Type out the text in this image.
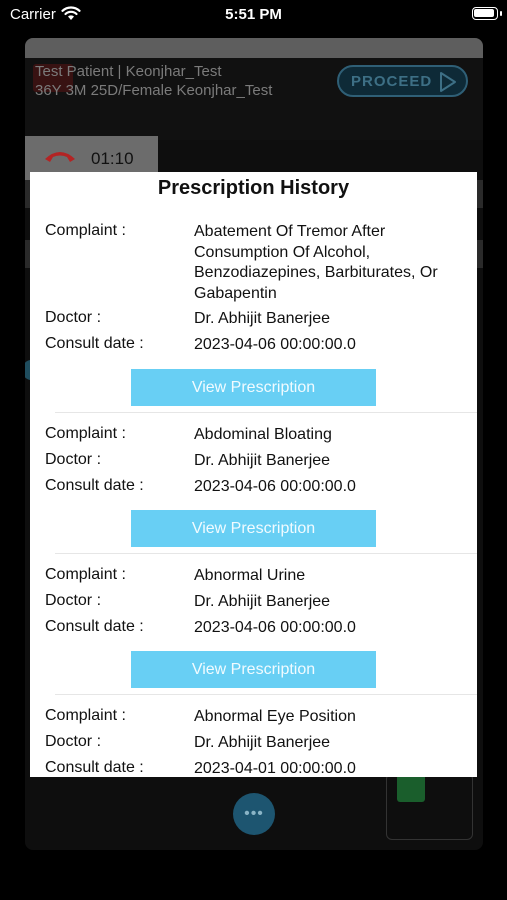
Carrier	5:51 PM
Test Patient | Keonjhar_Test
36Y 3M 25D/Female Keonjhar_Test
PROCEED
01:10
•••
Prescription History
Complaint :	Abatement Of Tremor After Consumption Of Alcohol, Benzodiazepines, Barbiturates, Or Gabapentin
Doctor :	Dr. Abhijit Banerjee
Consult date :	2023-04-06 00:00:00.0
View Prescription
Complaint :	Abdominal Bloating
Doctor :	Dr. Abhijit Banerjee
Consult date :	2023-04-06 00:00:00.0
View Prescription
Complaint :	Abnormal Urine
Doctor :	Dr. Abhijit Banerjee
Consult date :	2023-04-06 00:00:00.0
View Prescription
Complaint :	Abnormal Eye Position
Doctor :	Dr. Abhijit Banerjee
Consult date :	2023-04-01 00:00:00.0
